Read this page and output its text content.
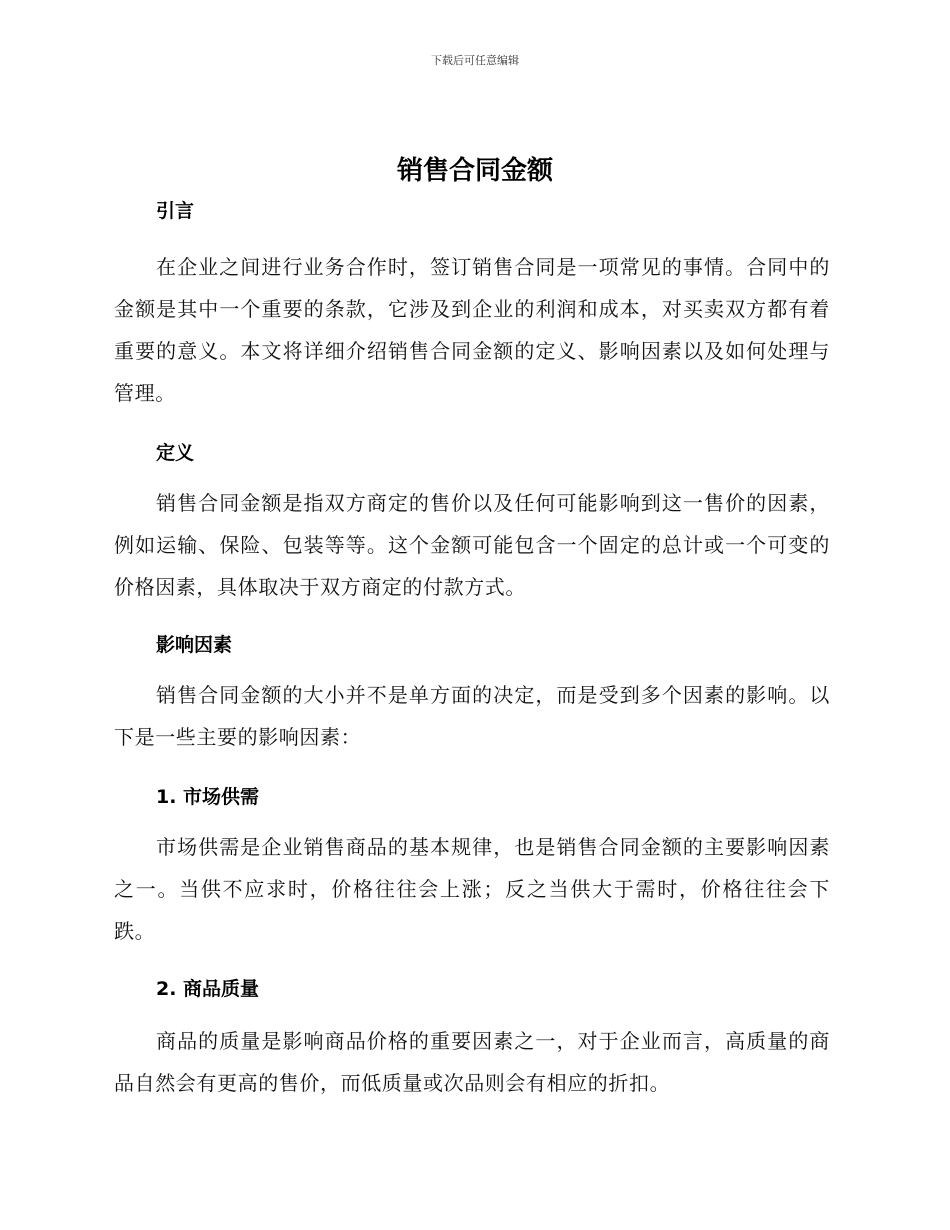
下载后可任意编辑
销售合同金额
引言

在企业之间进行业务合作时，签订销售合同是一项常见的事情。合同中的金额是其中一个重要的条款，它涉及到企业的利润和成本，对买卖双方都有着重要的意义。本文将详细介绍销售合同金额的定义、影响因素以及如何处理与管理。

定义

销售合同金额是指双方商定的售价以及任何可能影响到这一售价的因素，例如运输、保险、包装等等。这个金额可能包含一个固定的总计或一个可变的价格因素，具体取决于双方商定的付款方式。

影响因素

销售合同金额的大小并不是单方面的决定，而是受到多个因素的影响。以下是一些主要的影响因素：

1. 市场供需

市场供需是企业销售商品的基本规律，也是销售合同金额的主要影响因素之一。当供不应求时，价格往往会上涨；反之当供大于需时，价格往往会下跌。

2. 商品质量

商品的质量是影响商品价格的重要因素之一，对于企业而言，高质量的商品自然会有更高的售价，而低质量或次品则会有相应的折扣。
